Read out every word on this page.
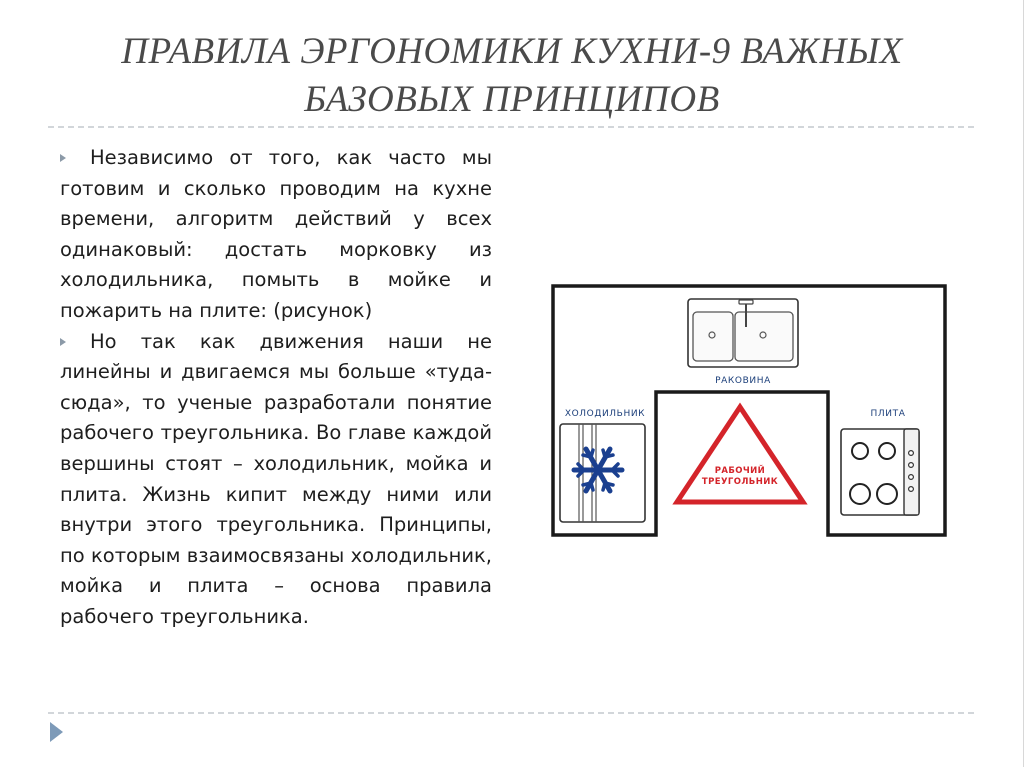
ПРАВИЛА ЭРГОНОМИКИ КУХНИ-9 ВАЖНЫХ
БАЗОВЫХ ПРИНЦИПОВ

Независимо от того, как часто мы готовим и сколько проводим на кухне времени, алгоритм действий у всех одинаковый: достать морковку из холодильника, помыть в мойке и пожарить на плите: (рисунок)

Но так как движения наши не линейны и двигаемся мы больше «туда-сюда», то ученые разработали понятие рабочего треугольника. Во главе каждой вершины стоят – холодильник, мойка и плита. Жизнь кипит между ними или внутри этого треугольника. Принципы, по которым взаимосвязаны холодильник, мойка и плита – основа правила рабочего треугольника.

РАКОВИНА
ХОЛОДИЛЬНИК	ПЛИТА
РАБОЧИЙ
ТРЕУГОЛЬНИК
